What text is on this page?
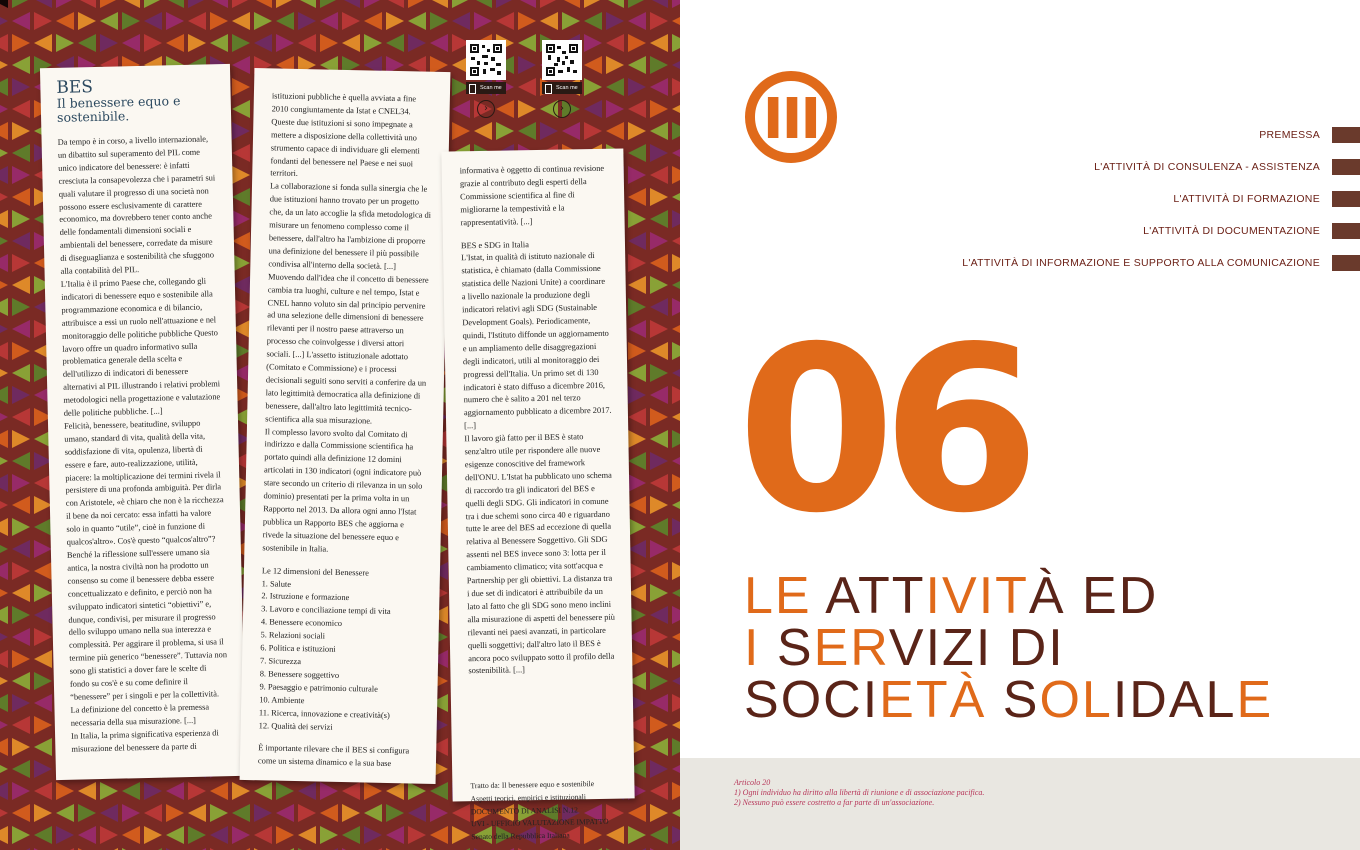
Scan me
›
Scan me
›
BES
Il benessere equo e sostenibile.

Da tempo è in corso, a livello internazionale, un dibattito sul superamento del PIL come unico indicatore del benessere: è infatti cresciuta la consapevolezza che i parametri sui quali valutare il progresso di una società non possono essere esclusivamente di carattere economico, ma dovrebbero tener conto anche delle fondamentali dimensioni sociali e ambientali del benessere, corredate da misure di diseguaglianza e sostenibilità che sfuggono alla contabilità del PIL.

L'Italia è il primo Paese che, collegando gli indicatori di benessere equo e sostenibile alla programmazione economica e di bilancio, attribuisce a essi un ruolo nell'attuazione e nel monitoraggio delle politiche pubbliche Questo lavoro offre un quadro informativo sulla problematica generale della scelta e dell'utilizzo di indicatori di benessere alternativi al PIL illustrando i relativi problemi metodologici nella progettazione e valutazione delle politiche pubbliche. [...]

Felicità, benessere, beatitudine, sviluppo umano, standard di vita, qualità della vita, soddisfazione di vita, opulenza, libertà di essere e fare, auto-realizzazione, utilità, piacere: la moltiplicazione dei termini rivela il persistere di una profonda ambiguità. Per dirla con Aristotele, «è chiaro che non è la ricchezza il bene da noi cercato: essa infatti ha valore solo in quanto “utile”, cioè in funzione di qualcos'altro». Cos'è questo “qualcos'altro”? Benché la riflessione sull'essere umano sia antica, la nostra civiltà non ha prodotto un consenso su come il benessere debba essere concettualizzato e definito, e perciò non ha sviluppato indicatori sintetici “obiettivi” e, dunque, condivisi, per misurare il progresso dello sviluppo umano nella sua interezza e complessità. Per aggirare il problema, si usa il termine più generico “benessere”. Tuttavia non sono gli statistici a dover fare le scelte di fondo su cos'è e su come definire il “benessere” per i singoli e per la collettività. La definizione del concetto è la premessa necessaria della sua misurazione. [...]

In Italia, la prima significativa esperienza di misurazione del benessere da parte di

istituzioni pubbliche è quella avviata a fine 2010 congiuntamente da Istat e CNEL34. Queste due istituzioni si sono impegnate a mettere a disposizione della collettività uno strumento capace di individuare gli elementi fondanti del benessere nel Paese e nei suoi territori.

La collaborazione si fonda sulla sinergia che le due istituzioni hanno trovato per un progetto che, da un lato accoglie la sfida metodologica di misurare un fenomeno complesso come il benessere, dall'altro ha l'ambizione di proporre una definizione del benessere il più possibile condivisa all'interno della società. [...] Muovendo dall'idea che il concetto di benessere cambia tra luoghi, culture e nel tempo, Istat e CNEL hanno voluto sin dal principio pervenire ad una selezione delle dimensioni di benessere rilevanti per il nostro paese attraverso un processo che coinvolgesse i diversi attori sociali. [...] L'assetto istituzionale adottato (Comitato e Commissione) e i processi decisionali seguiti sono serviti a conferire da un lato legittimità democratica alla definizione di benessere, dall'altro lato legittimità tecnico-scientifica alla sua misurazione.

Il complesso lavoro svolto dal Comitato di indirizzo e dalla Commissione scientifica ha portato quindi alla definizione 12 domini articolati in 130 indicatori (ogni indicatore può stare secondo un criterio di rilevanza in un solo dominio) presentati per la prima volta in un Rapporto nel 2013. Da allora ogni anno l'Istat pubblica un Rapporto BES che aggiorna e rivede la situazione del benessere equo e sostenibile in Italia.

Le 12 dimensioni del Benessere

1. Salute

2. Istruzione e formazione

3. Lavoro e conciliazione tempi di vita

4. Benessere economico

5. Relazioni sociali

6. Politica e istituzioni

7. Sicurezza

8. Benessere soggettivo

9. Paesaggio e patrimonio culturale

10. Ambiente

11. Ricerca, innovazione e creatività(s)

12. Qualità dei servizi

È importante rilevare che il BES si configura come un sistema dinamico e la sua base

informativa è oggetto di continua revisione grazie al contributo degli esperti della Commissione scientifica al fine di migliorarne la tempestività e la rappresentatività. [...]

BES e SDG in Italia

L'Istat, in qualità di istituto nazionale di statistica, è chiamato (dalla Commissione statistica delle Nazioni Unite) a coordinare a livello nazionale la produzione degli indicatori relativi agli SDG (Sustainable Development Goals). Periodicamente, quindi, l'Istituto diffonde un aggiornamento e un ampliamento delle disaggregazioni degli indicatori, utili al monitoraggio dei progressi dell'Italia. Un primo set di 130 indicatori è stato diffuso a dicembre 2016, numero che è salito a 201 nel terzo aggiornamento pubblicato a dicembre 2017. [...]

Il lavoro già fatto per il BES è stato senz'altro utile per rispondere alle nuove esigenze conoscitive del framework dell'ONU. L'Istat ha pubblicato uno schema di raccordo tra gli indicatori del BES e quelli degli SDG. Gli indicatori in comune tra i due schemi sono circa 40 e riguardano tutte le aree del BES ad eccezione di quella relativa al Benessere Soggettivo. Gli SDG assenti nel BES invece sono 3: lotta per il cambiamento climatico; vita sott'acqua e Partnership per gli obiettivi. La distanza tra i due set di indicatori è attribuibile da un lato al fatto che gli SDG sono meno inclini alla misurazione di aspetti del benessere più rilevanti nei paesi avanzati, in particolare quelli soggettivi; dall'altro lato il BES è ancora poco sviluppato sotto il profilo della sostenibilità. [...]

Tratto da: Il benessere equo e sostenibile

Aspetti teorici, empirici e istituzionali

DOCUMENTO DI ANALISI N.12

UVI - UFFICIO VALUTAZIONE IMPATTO

Senato della Repubblica Italiana

III	PREMESSA
L'ATTIVITÀ DI CONSULENZA - ASSISTENZA
L'ATTIVITÀ DI FORMAZIONE
L'ATTIVITÀ DI DOCUMENTAZIONE
L'ATTIVITÀ DI INFORMAZIONE E SUPPORTO ALLA COMUNICAZIONE
06
LE ATTIVITÀ ED
I SERVIZI DI
SOCIETÀ SOLIDALE

Articolo 20

1) Ogni individuo ha diritto alla libertà di riunione e di associazione pacifica.

2) Nessuno può essere costretto a far parte di un'associazione.
